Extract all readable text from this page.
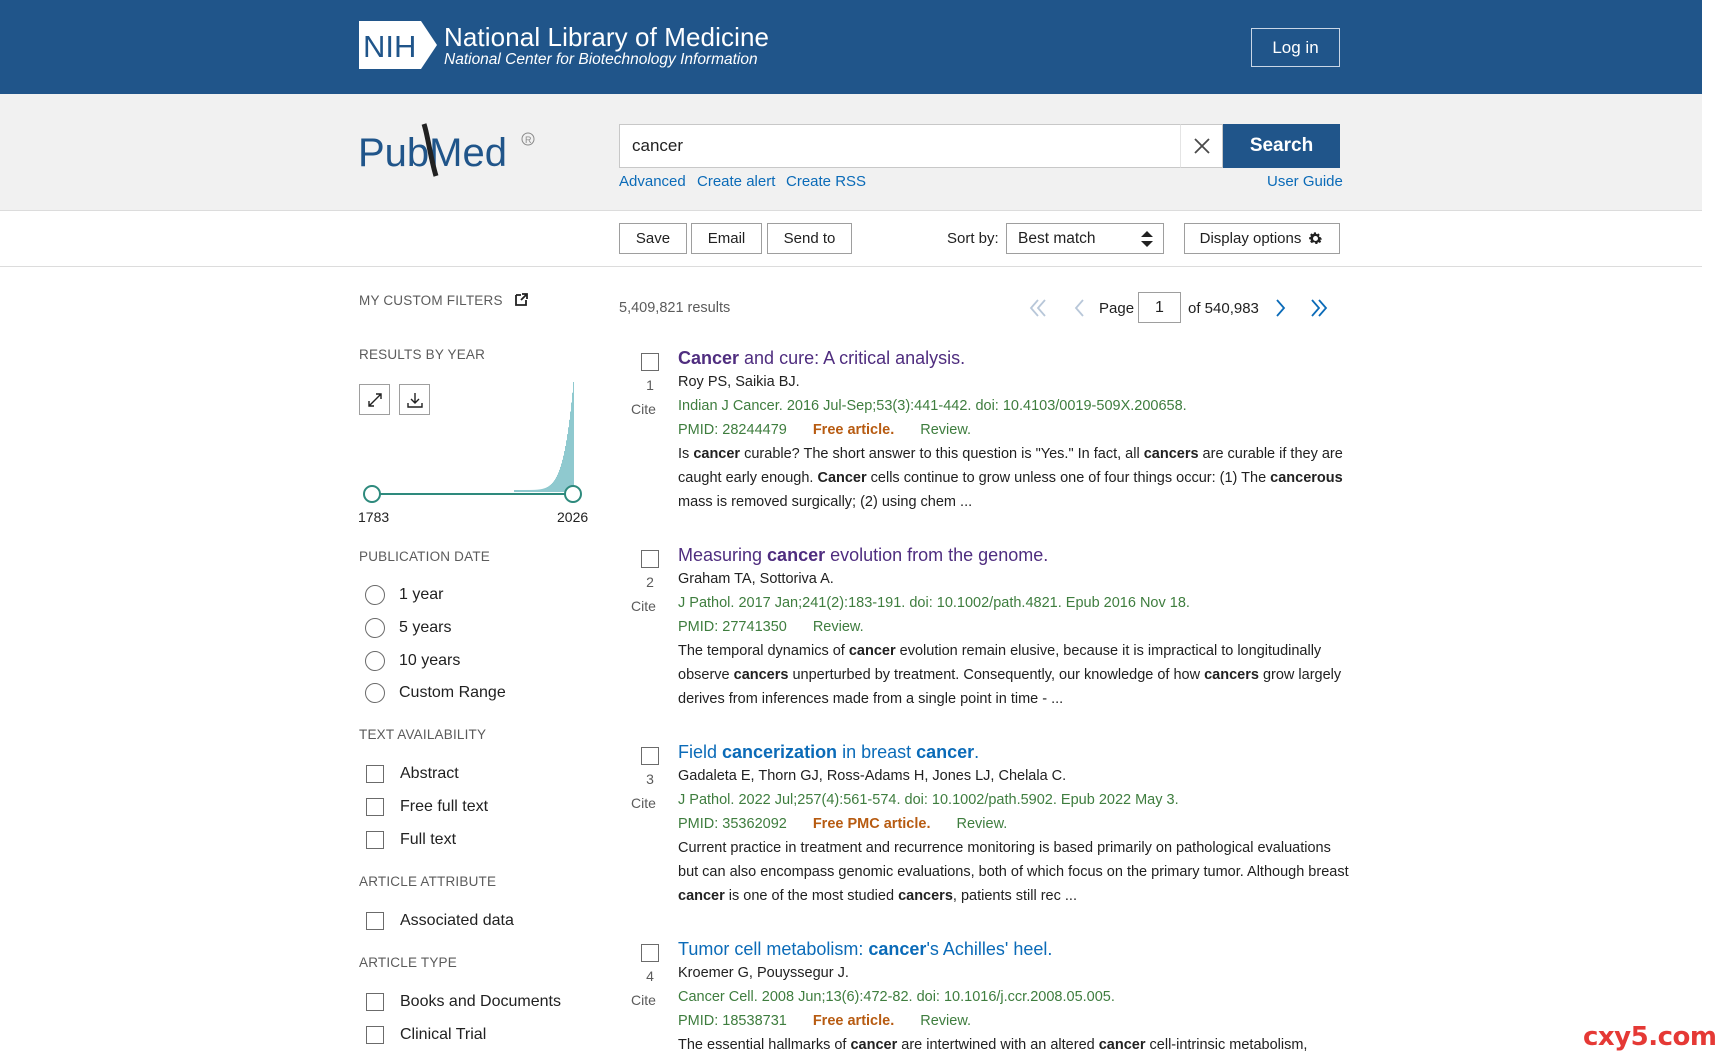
NIH National Library of Medicine
National Center for Biotechnology Information
Log in
PubMed R
cancer	Search
Advanced Create alert Create RSS	User Guide
Save	Email	Send to	Sort by: Best match	Display options
MY CUSTOM FILTERS
RESULTS BY YEAR
1783	2026
PUBLICATION DATE
1 year
5 years
10 years
Custom Range
TEXT AVAILABILITY
Abstract
Free full text
Full text
ARTICLE ATTRIBUTE
Associated data
ARTICLE TYPE
Books and Documents
Clinical Trial
5,409,821 results	Page	1	of 540,983
1
Cite
Cancer and cure: A critical analysis.
Roy PS, Saikia BJ.
Indian J Cancer. 2016 Jul-Sep;53(3):441-442. doi: 10.4103/0019-509X.200658.
PMID: 28244479 Free article. Review.
Is cancer curable? The short answer to this question is "Yes." In fact, all cancers are curable if they are caught early enough. Cancer cells continue to grow unless one of four things occur: (1) The cancerous mass is removed surgically; (2) using chem ...
2
Cite
Measuring cancer evolution from the genome.
Graham TA, Sottoriva A.
J Pathol. 2017 Jan;241(2):183-191. doi: 10.1002/path.4821. Epub 2016 Nov 18.
PMID: 27741350 Review.
The temporal dynamics of cancer evolution remain elusive, because it is impractical to longitudinally observe cancers unperturbed by treatment. Consequently, our knowledge of how cancers grow largely derives from inferences made from a single point in time - ...
3
Cite
Field cancerization in breast cancer.
Gadaleta E, Thorn GJ, Ross-Adams H, Jones LJ, Chelala C.
J Pathol. 2022 Jul;257(4):561-574. doi: 10.1002/path.5902. Epub 2022 May 3.
PMID: 35362092 Free PMC article. Review.
Current practice in treatment and recurrence monitoring is based primarily on pathological evaluations but can also encompass genomic evaluations, both of which focus on the primary tumor. Although breast cancer is one of the most studied cancers, patients still rec ...
4
Cite
Tumor cell metabolism: cancer's Achilles' heel.
Kroemer G, Pouyssegur J.
Cancer Cell. 2008 Jun;13(6):472-82. doi: 10.1016/j.ccr.2008.05.005.
PMID: 18538731 Free article. Review.
The essential hallmarks of cancer are intertwined with an altered cancer cell-intrinsic metabolism,	cxy5.com
